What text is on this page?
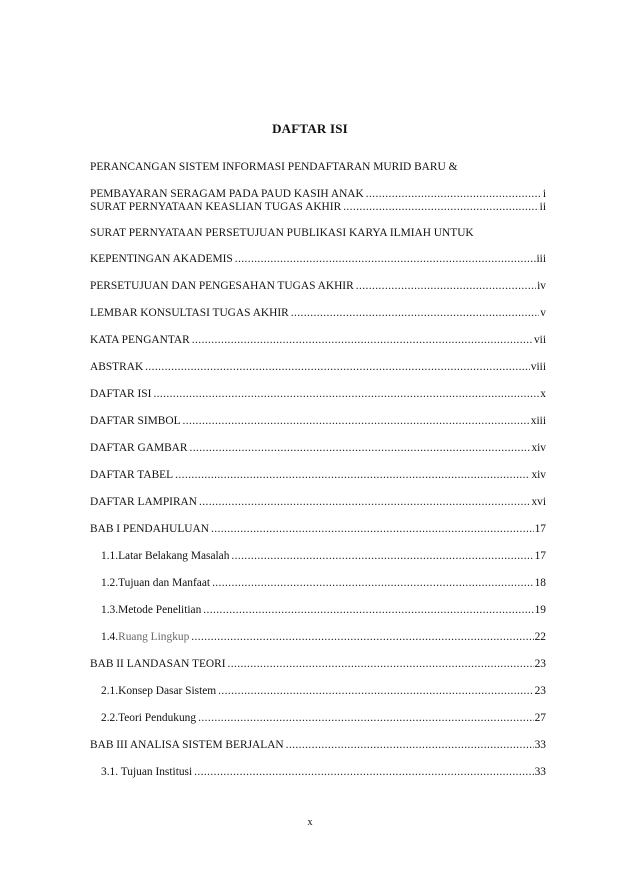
DAFTAR ISI
PERANCANGAN SISTEM INFORMASI PENDAFTARAN MURID BARU &
PEMBAYARAN SERAGAM PADA PAUD KASIH ANAK .....	i
SURAT PERNYATAAN KEASLIAN TUGAS AKHIR .....	ii
SURAT PERNYATAAN PERSETUJUAN PUBLIKASI KARYA ILMIAH UNTUK
KEPENTINGAN AKADEMIS .....	iii
PERSETUJUAN DAN PENGESAHAN TUGAS AKHIR .....	iv
LEMBAR KONSULTASI TUGAS AKHIR .....	v
KATA PENGANTAR .....	vii
ABSTRAK .....	viii
DAFTAR ISI .....	x
DAFTAR SIMBOL .....	xiii
DAFTAR GAMBAR .....	xiv
DAFTAR TABEL .....	xiv
DAFTAR LAMPIRAN .....	xvi
BAB I PENDAHULUAN .....	17
1.1. Latar Belakang Masalah .....	17
1.2. Tujuan dan Manfaat .....	18
1.3. Metode Penelitian .....	19
1.4. Ruang Lingkup .....	22
BAB II LANDASAN TEORI .....	23
2.1. Konsep Dasar Sistem .....	23
2.2. Teori Pendukung .....	27
BAB III ANALISA SISTEM BERJALAN .....	33
3.1. Tujuan Institusi .....	33
x
